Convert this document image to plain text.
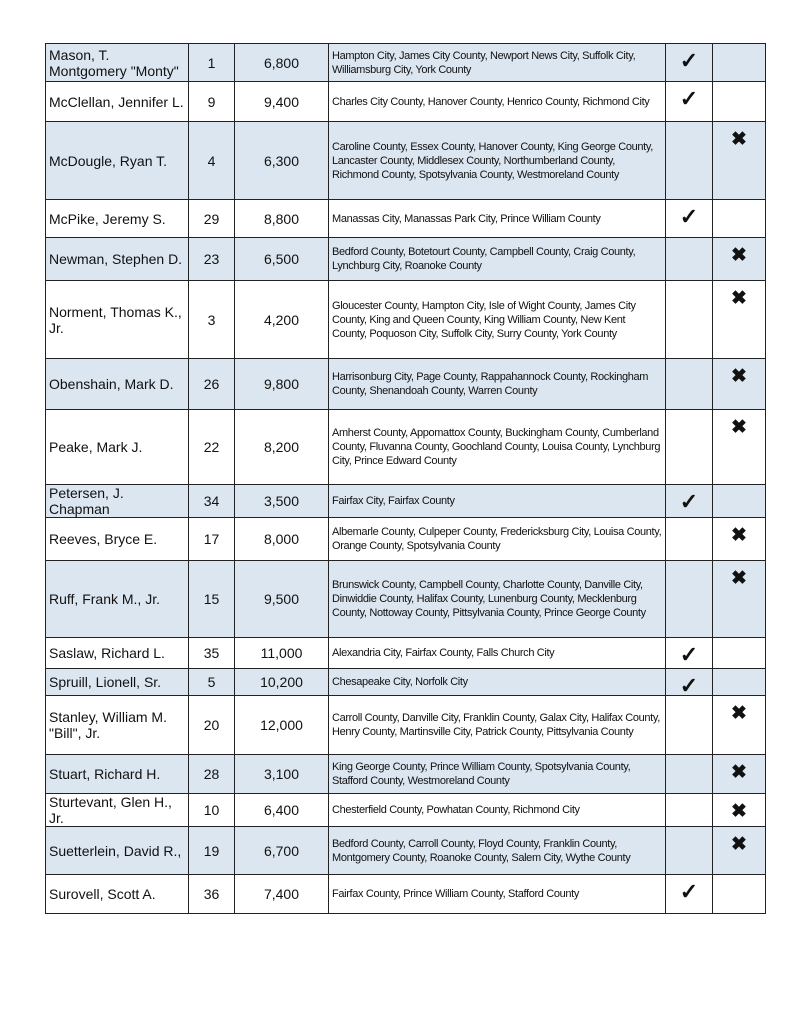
Mason, T. Montgomery "Monty"	1	6,800	Hampton City, James City County, Newport News City, Suffolk City, Williamsburg City, York County	✓	

McClellan, Jennifer L.	9	9,400	Charles City County, Hanover County, Henrico County, Richmond City	✓	

McDougle, Ryan T.	4	6,300	Caroline County, Essex County, Hanover County, King George County, Lancaster County, Middlesex County, Northumberland County, Richmond County, Spotsylvania County, Westmoreland County		✖

McPike, Jeremy S.	29	8,800	Manassas City, Manassas Park City, Prince William County	✓	

Newman, Stephen D.	23	6,500	Bedford County, Botetourt County, Campbell County, Craig County, Lynchburg City, Roanoke County		✖

Norment, Thomas K., Jr.	3	4,200	Gloucester County, Hampton City, Isle of Wight County, James City County, King and Queen County, King William County, New Kent County, Poquoson City, Suffolk City, Surry County, York County		✖

Obenshain, Mark D.	26	9,800	Harrisonburg City, Page County, Rappahannock County, Rockingham County, Shenandoah County, Warren County		✖

Peake, Mark J.	22	8,200	Amherst County, Appomattox County, Buckingham County, Cumberland County, Fluvanna County, Goochland County, Louisa County, Lynchburg City, Prince Edward County		✖

Petersen, J. Chapman	34	3,500	Fairfax City, Fairfax County	✓	

Reeves, Bryce E.	17	8,000	Albemarle County, Culpeper County, Fredericksburg City, Louisa County, Orange County, Spotsylvania County		✖

Ruff, Frank M., Jr.	15	9,500	Brunswick County, Campbell County, Charlotte County, Danville City, Dinwiddie County, Halifax County, Lunenburg County, Mecklenburg County, Nottoway County, Pittsylvania County, Prince George County		✖

Saslaw, Richard L.	35	11,000	Alexandria City, Fairfax County, Falls Church City	✓	

Spruill, Lionell, Sr.	5	10,200	Chesapeake City, Norfolk City	✓	

Stanley, William M. "Bill", Jr.	20	12,000	Carroll County, Danville City, Franklin County, Galax City, Halifax County, Henry County, Martinsville City, Patrick County, Pittsylvania County		✖

Stuart, Richard H.	28	3,100	King George County, Prince William County, Spotsylvania County, Stafford County, Westmoreland County		✖

Sturtevant, Glen H., Jr.	10	6,400	Chesterfield County, Powhatan County, Richmond City		✖

Suetterlein, David R.,	19	6,700	Bedford County, Carroll County, Floyd County, Franklin County, Montgomery County, Roanoke County, Salem City, Wythe County		✖

Surovell, Scott A.	36	7,400	Fairfax County, Prince William County, Stafford County	✓	
